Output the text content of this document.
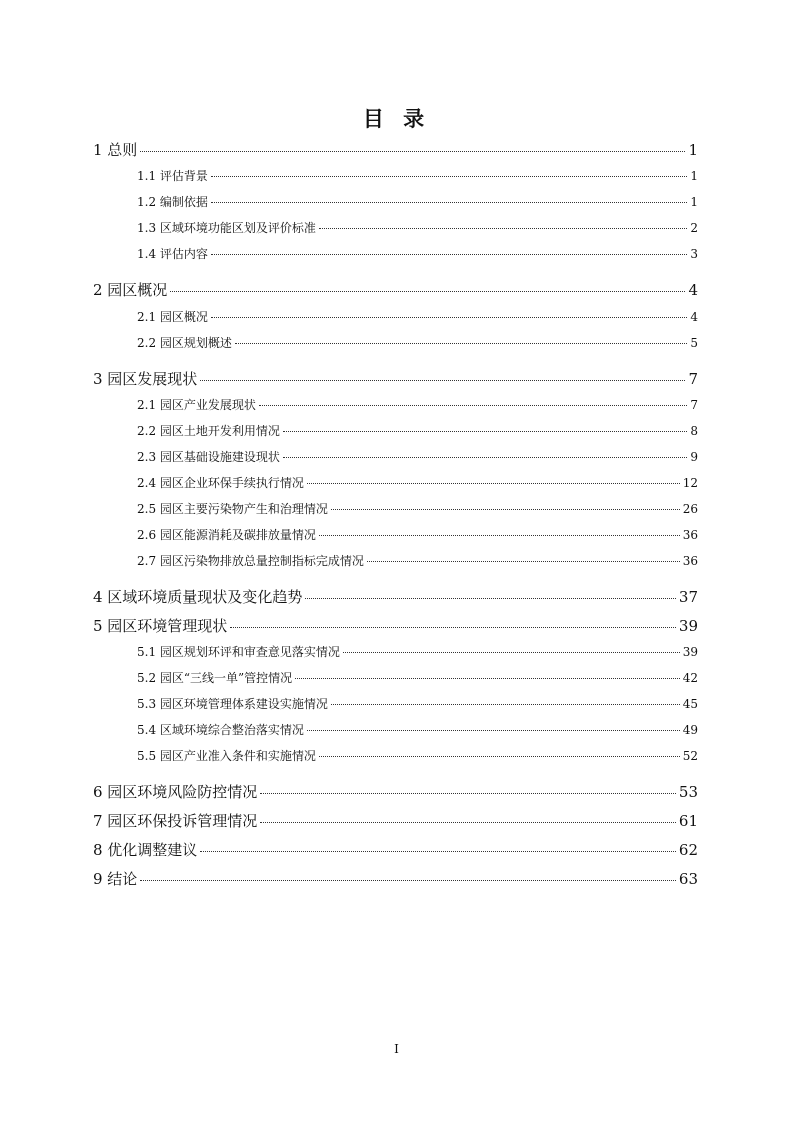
目 录
1 总则	1
1.1 评估背景	1
1.2 编制依据	1
1.3 区域环境功能区划及评价标准	2
1.4 评估内容	3
2 园区概况	4
2.1 园区概况	4
2.2 园区规划概述	5
3 园区发展现状	7
2.1 园区产业发展现状	7
2.2 园区土地开发利用情况	8
2.3 园区基础设施建设现状	9
2.4 园区企业环保手续执行情况	12
2.5 园区主要污染物产生和治理情况	26
2.6 园区能源消耗及碳排放量情况	36
2.7 园区污染物排放总量控制指标完成情况	36
4 区域环境质量现状及变化趋势	37
5 园区环境管理现状	39
5.1 园区规划环评和审查意见落实情况	39
5.2 园区“三线一单”管控情况	42
5.3 园区环境管理体系建设实施情况	45
5.4 区域环境综合整治落实情况	49
5.5 园区产业准入条件和实施情况	52
6 园区环境风险防控情况	53
7 园区环保投诉管理情况	61
8 优化调整建议	62
9 结论	63
I
